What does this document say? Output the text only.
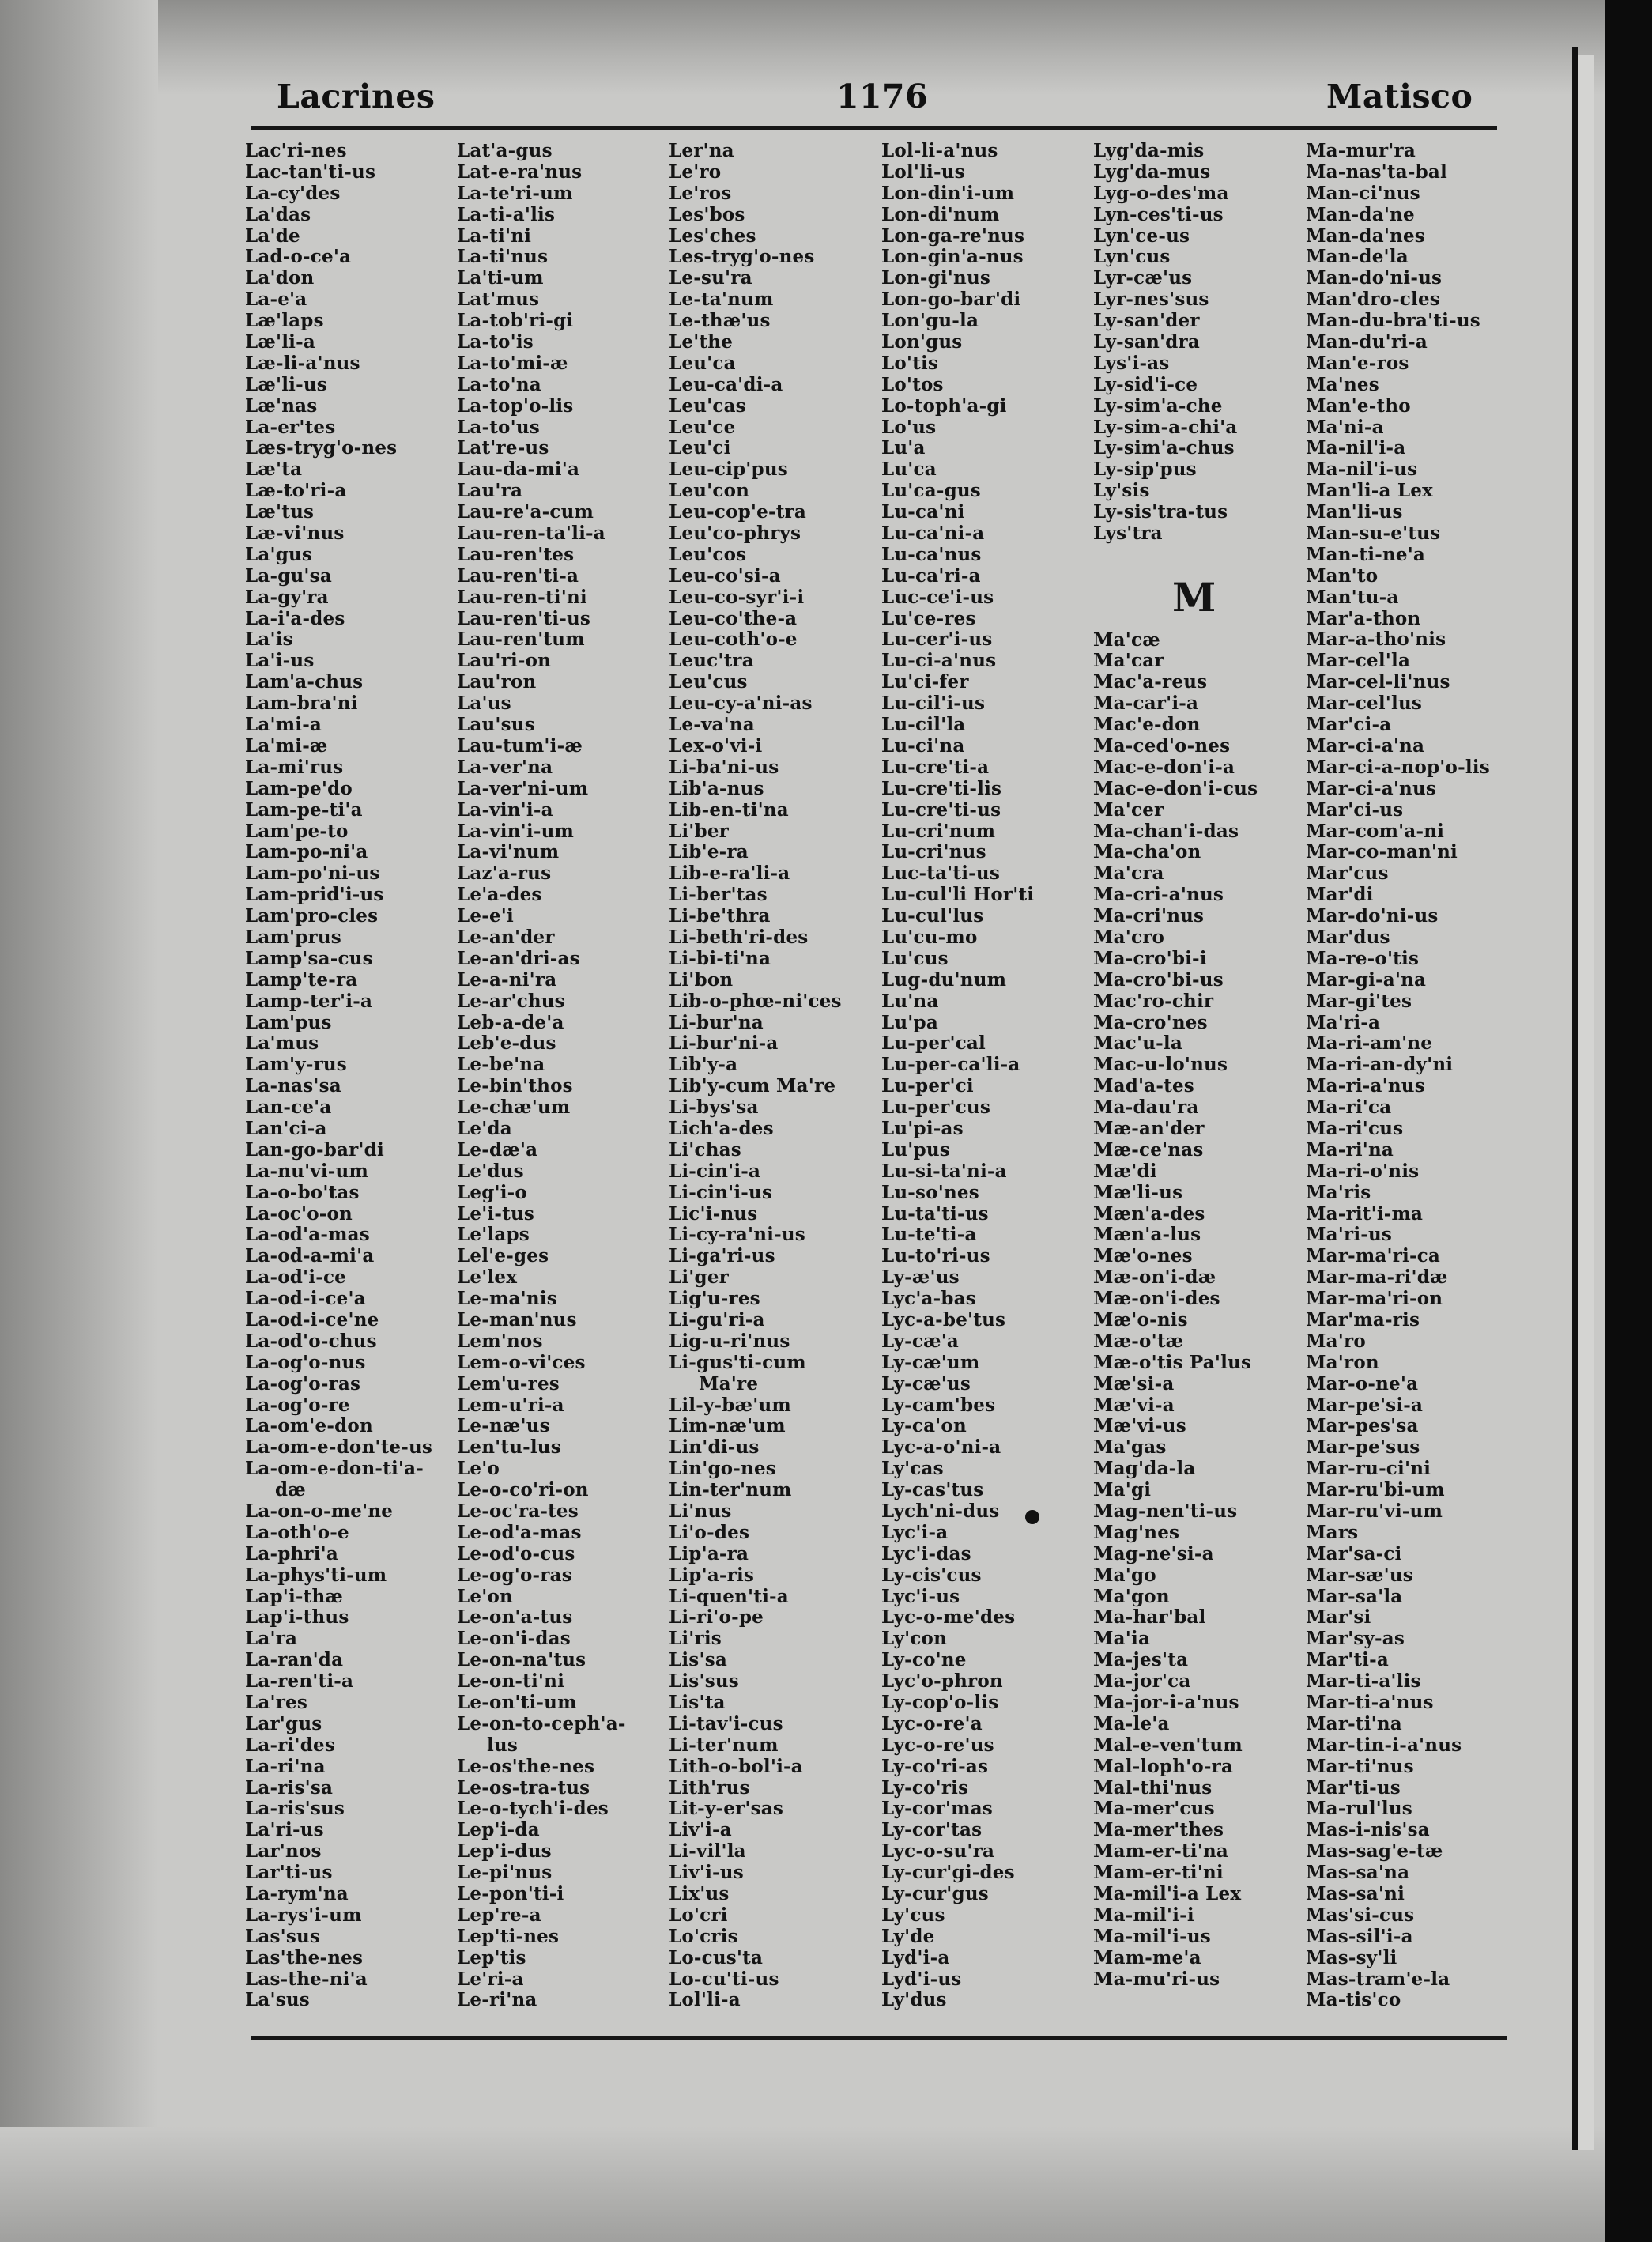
Lacrines	1176	Matisco
Lac'ri-nes
Lac-tan'ti-us
La-cy'des
La'das
La'de
Lad-o-ce'a
La'don
La-e'a
Læ'laps
Læ'li-a
Læ-li-a'nus
Læ'li-us
Læ'nas
La-er'tes
Læs-tryg'o-nes
Læ'ta
Læ-to'ri-a
Læ'tus
Læ-vi'nus
La'gus
La-gu'sa
La-gy'ra
La-i'a-des
La'is
La'i-us
Lam'a-chus
Lam-bra'ni
La'mi-a
La'mi-æ
La-mi'rus
Lam-pe'do
Lam-pe-ti'a
Lam'pe-to
Lam-po-ni'a
Lam-po'ni-us
Lam-prid'i-us
Lam'pro-cles
Lam'prus
Lamp'sa-cus
Lamp'te-ra
Lamp-ter'i-a
Lam'pus
La'mus
Lam'y-rus
La-nas'sa
Lan-ce'a
Lan'ci-a
Lan-go-bar'di
La-nu'vi-um
La-o-bo'tas
La-oc'o-on
La-od'a-mas
La-od-a-mi'a
La-od'i-ce
La-od-i-ce'a
La-od-i-ce'ne
La-od'o-chus
La-og'o-nus
La-og'o-ras
La-og'o-re
La-om'e-don
La-om-e-don'te-us
La-om-e-don-ti'a-
dæ
La-on-o-me'ne
La-oth'o-e
La-phri'a
La-phys'ti-um
Lap'i-thæ
Lap'i-thus
La'ra
La-ran'da
La-ren'ti-a
La'res
Lar'gus
La-ri'des
La-ri'na
La-ris'sa
La-ris'sus
La'ri-us
Lar'nos
Lar'ti-us
La-rym'na
La-rys'i-um
Las'sus
Las'the-nes
Las-the-ni'a
La'sus
Lat'a-gus
Lat-e-ra'nus
La-te'ri-um
La-ti-a'lis
La-ti'ni
La-ti'nus
La'ti-um
Lat'mus
La-tob'ri-gi
La-to'is
La-to'mi-æ
La-to'na
La-top'o-lis
La-to'us
Lat're-us
Lau-da-mi'a
Lau'ra
Lau-re'a-cum
Lau-ren-ta'li-a
Lau-ren'tes
Lau-ren'ti-a
Lau-ren-ti'ni
Lau-ren'ti-us
Lau-ren'tum
Lau'ri-on
Lau'ron
La'us
Lau'sus
Lau-tum'i-æ
La-ver'na
La-ver'ni-um
La-vin'i-a
La-vin'i-um
La-vi'num
Laz'a-rus
Le'a-des
Le-e'i
Le-an'der
Le-an'dri-as
Le-a-ni'ra
Le-ar'chus
Leb-a-de'a
Leb'e-dus
Le-be'na
Le-bin'thos
Le-chæ'um
Le'da
Le-dæ'a
Le'dus
Leg'i-o
Le'i-tus
Le'laps
Lel'e-ges
Le'lex
Le-ma'nis
Le-man'nus
Lem'nos
Lem-o-vi'ces
Lem'u-res
Lem-u'ri-a
Le-næ'us
Len'tu-lus
Le'o
Le-o-co'ri-on
Le-oc'ra-tes
Le-od'a-mas
Le-od'o-cus
Le-og'o-ras
Le'on
Le-on'a-tus
Le-on'i-das
Le-on-na'tus
Le-on-ti'ni
Le-on'ti-um
Le-on-to-ceph'a-
lus
Le-os'the-nes
Le-os-tra-tus
Le-o-tych'i-des
Lep'i-da
Lep'i-dus
Le-pi'nus
Le-pon'ti-i
Lep're-a
Lep'ti-nes
Lep'tis
Le'ri-a
Le-ri'na
Ler'na
Le'ro
Le'ros
Les'bos
Les'ches
Les-tryg'o-nes
Le-su'ra
Le-ta'num
Le-thæ'us
Le'the
Leu'ca
Leu-ca'di-a
Leu'cas
Leu'ce
Leu'ci
Leu-cip'pus
Leu'con
Leu-cop'e-tra
Leu'co-phrys
Leu'cos
Leu-co'si-a
Leu-co-syr'i-i
Leu-co'the-a
Leu-coth'o-e
Leuc'tra
Leu'cus
Leu-cy-a'ni-as
Le-va'na
Lex-o'vi-i
Li-ba'ni-us
Lib'a-nus
Lib-en-ti'na
Li'ber
Lib'e-ra
Lib-e-ra'li-a
Li-ber'tas
Li-be'thra
Li-beth'ri-des
Li-bi-ti'na
Li'bon
Lib-o-phœ-ni'ces
Li-bur'na
Li-bur'ni-a
Lib'y-a
Lib'y-cum Ma're
Li-bys'sa
Lich'a-des
Li'chas
Li-cin'i-a
Li-cin'i-us
Lic'i-nus
Li-cy-ra'ni-us
Li-ga'ri-us
Li'ger
Lig'u-res
Li-gu'ri-a
Lig-u-ri'nus
Li-gus'ti-cum
Ma're
Lil-y-bæ'um
Lim-næ'um
Lin'di-us
Lin'go-nes
Lin-ter'num
Li'nus
Li'o-des
Lip'a-ra
Lip'a-ris
Li-quen'ti-a
Li-ri'o-pe
Li'ris
Lis'sa
Lis'sus
Lis'ta
Li-tav'i-cus
Li-ter'num
Lith-o-bol'i-a
Lith'rus
Lit-y-er'sas
Liv'i-a
Li-vil'la
Liv'i-us
Lix'us
Lo'cri
Lo'cris
Lo-cus'ta
Lo-cu'ti-us
Lol'li-a
Lol-li-a'nus
Lol'li-us
Lon-din'i-um
Lon-di'num
Lon-ga-re'nus
Lon-gin'a-nus
Lon-gi'nus
Lon-go-bar'di
Lon'gu-la
Lon'gus
Lo'tis
Lo'tos
Lo-toph'a-gi
Lo'us
Lu'a
Lu'ca
Lu'ca-gus
Lu-ca'ni
Lu-ca'ni-a
Lu-ca'nus
Lu-ca'ri-a
Luc-ce'i-us
Lu'ce-res
Lu-cer'i-us
Lu-ci-a'nus
Lu'ci-fer
Lu-cil'i-us
Lu-cil'la
Lu-ci'na
Lu-cre'ti-a
Lu-cre'ti-lis
Lu-cre'ti-us
Lu-cri'num
Lu-cri'nus
Luc-ta'ti-us
Lu-cul'li Hor'ti
Lu-cul'lus
Lu'cu-mo
Lu'cus
Lug-du'num
Lu'na
Lu'pa
Lu-per'cal
Lu-per-ca'li-a
Lu-per'ci
Lu-per'cus
Lu'pi-as
Lu'pus
Lu-si-ta'ni-a
Lu-so'nes
Lu-ta'ti-us
Lu-te'ti-a
Lu-to'ri-us
Ly-æ'us
Lyc'a-bas
Lyc-a-be'tus
Ly-cæ'a
Ly-cæ'um
Ly-cæ'us
Ly-cam'bes
Ly-ca'on
Lyc-a-o'ni-a
Ly'cas
Ly-cas'tus
Lych'ni-dus
Lyc'i-a
Lyc'i-das
Ly-cis'cus
Lyc'i-us
Lyc-o-me'des
Ly'con
Ly-co'ne
Lyc'o-phron
Ly-cop'o-lis
Lyc-o-re'a
Lyc-o-re'us
Ly-co'ri-as
Ly-co'ris
Ly-cor'mas
Ly-cor'tas
Lyc-o-su'ra
Ly-cur'gi-des
Ly-cur'gus
Ly'cus
Ly'de
Lyd'i-a
Lyd'i-us
Ly'dus
Lyg'da-mis
Lyg'da-mus
Lyg-o-des'ma
Lyn-ces'ti-us
Lyn'ce-us
Lyn'cus
Lyr-cæ'us
Lyr-nes'sus
Ly-san'der
Ly-san'dra
Lys'i-as
Ly-sid'i-ce
Ly-sim'a-che
Ly-sim-a-chi'a
Ly-sim'a-chus
Ly-sip'pus
Ly'sis
Ly-sis'tra-tus
Lys'tra
M
Ma'cæ
Ma'car
Mac'a-reus
Ma-car'i-a
Mac'e-don
Ma-ced'o-nes
Mac-e-don'i-a
Mac-e-don'i-cus
Ma'cer
Ma-chan'i-das
Ma-cha'on
Ma'cra
Ma-cri-a'nus
Ma-cri'nus
Ma'cro
Ma-cro'bi-i
Ma-cro'bi-us
Mac'ro-chir
Ma-cro'nes
Mac'u-la
Mac-u-lo'nus
Mad'a-tes
Ma-dau'ra
Mæ-an'der
Mæ-ce'nas
Mæ'di
Mæ'li-us
Mæn'a-des
Mæn'a-lus
Mæ'o-nes
Mæ-on'i-dæ
Mæ-on'i-des
Mæ'o-nis
Mæ-o'tæ
Mæ-o'tis Pa'lus
Mæ'si-a
Mæ'vi-a
Mæ'vi-us
Ma'gas
Mag'da-la
Ma'gi
Mag-nen'ti-us
Mag'nes
Mag-ne'si-a
Ma'go
Ma'gon
Ma-har'bal
Ma'ia
Ma-jes'ta
Ma-jor'ca
Ma-jor-i-a'nus
Ma-le'a
Mal-e-ven'tum
Mal-loph'o-ra
Mal-thi'nus
Ma-mer'cus
Ma-mer'thes
Mam-er-ti'na
Mam-er-ti'ni
Ma-mil'i-a Lex
Ma-mil'i-i
Ma-mil'i-us
Mam-me'a
Ma-mu'ri-us
Ma-mur'ra
Ma-nas'ta-bal
Man-ci'nus
Man-da'ne
Man-da'nes
Man-de'la
Man-do'ni-us
Man'dro-cles
Man-du-bra'ti-us
Man-du'ri-a
Man'e-ros
Ma'nes
Man'e-tho
Ma'ni-a
Ma-nil'i-a
Ma-nil'i-us
Man'li-a Lex
Man'li-us
Man-su-e'tus
Man-ti-ne'a
Man'to
Man'tu-a
Mar'a-thon
Mar-a-tho'nis
Mar-cel'la
Mar-cel-li'nus
Mar-cel'lus
Mar'ci-a
Mar-ci-a'na
Mar-ci-a-nop'o-lis
Mar-ci-a'nus
Mar'ci-us
Mar-com'a-ni
Mar-co-man'ni
Mar'cus
Mar'di
Mar-do'ni-us
Mar'dus
Ma-re-o'tis
Mar-gi-a'na
Mar-gi'tes
Ma'ri-a
Ma-ri-am'ne
Ma-ri-an-dy'ni
Ma-ri-a'nus
Ma-ri'ca
Ma-ri'cus
Ma-ri'na
Ma-ri-o'nis
Ma'ris
Ma-rit'i-ma
Ma'ri-us
Mar-ma'ri-ca
Mar-ma-ri'dæ
Mar-ma'ri-on
Mar'ma-ris
Ma'ro
Ma'ron
Mar-o-ne'a
Mar-pe'si-a
Mar-pes'sa
Mar-pe'sus
Mar-ru-ci'ni
Mar-ru'bi-um
Mar-ru'vi-um
Mars
Mar'sa-ci
Mar-sæ'us
Mar-sa'la
Mar'si
Mar'sy-as
Mar'ti-a
Mar-ti-a'lis
Mar-ti-a'nus
Mar-ti'na
Mar-tin-i-a'nus
Mar-ti'nus
Mar'ti-us
Ma-rul'lus
Mas-i-nis'sa
Mas-sag'e-tæ
Mas-sa'na
Mas-sa'ni
Mas'si-cus
Mas-sil'i-a
Mas-sy'li
Mas-tram'e-la
Ma-tis'co
